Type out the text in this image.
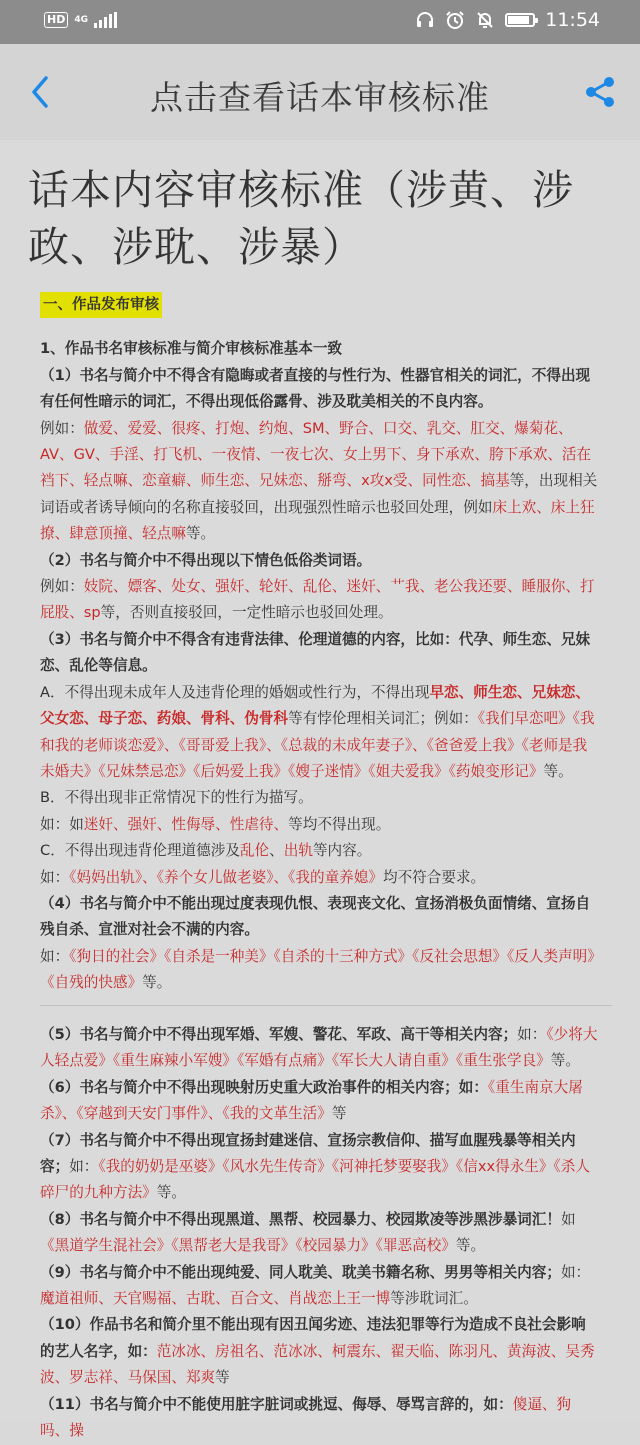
HD	4G	11:54
点击查看话本审核标准
话本内容审核标准（涉黄、涉政、涉耽、涉暴）
一、作品发布审核

1、作品书名审核标准与简介审核标准基本一致

（1）书名与简介中不得含有隐晦或者直接的与性行为、性器官相关的词汇，不得出现有任何性暗示的词汇，不得出现低俗露骨、涉及耽美相关的不良内容。

例如：做爱、爱爱、很疼、打炮、约炮、SM、野合、口交、乳交、肛交、爆菊花、AV、GV、手淫、打飞机、一夜情、一夜七次、女上男下、身下承欢、胯下承欢、活在裆下、轻点嘛、恋童癖、师生恋、兄妹恋、掰弯、x攻x受、同性恋、搞基等，出现相关词语或者诱导倾向的名称直接驳回，出现强烈性暗示也驳回处理，例如床上欢、床上狂撩、肆意顶撞、轻点嘛等。

（2）书名与简介中不得出现以下情色低俗类词语。

例如：妓院、嫖客、处女、强奸、轮奸、乱伦、迷奸、艹我、老公我还要、睡服你、打屁股、sp等，否则直接驳回，一定性暗示也驳回处理。

（3）书名与简介中不得含有违背法律、伦理道德的内容，比如：代孕、师生恋、兄妹恋、乱伦等信息。

A．不得出现未成年人及违背伦理的婚姻或性行为，不得出现早恋、师生恋、兄妹恋、父女恋、母子恋、药娘、骨科、伪骨科等有悖伦理相关词汇；例如：《我们早恋吧》《我和我的老师谈恋爱》、《哥哥爱上我》、《总裁的未成年妻子》、《爸爸爱上我》《老师是我未婚夫》《兄妹禁忌恋》《后妈爱上我》《嫂子迷情》《姐夫爱我》《药娘变形记》等。

B．不得出现非正常情况下的性行为描写。

如：如迷奸、强奸、性侮辱、性虐待、等均不得出现。

C．不得出现违背伦理道德涉及乱伦、出轨等内容。

如：《妈妈出轨》、《养个女儿做老婆》、《我的童养媳》均不符合要求。

（4）书名与简介中不能出现过度表现仇恨、表现丧文化、宣扬消极负面情绪、宣扬自残自杀、宣泄对社会不满的内容。

如：《狗日的社会》《自杀是一种美》《自杀的十三种方式》《反社会思想》《反人类声明》《自残的快感》等。

（5）书名与简介中不得出现军婚、军嫂、警花、军政、高干等相关内容；如：《少将大人轻点爱》《重生麻辣小军嫂》《军婚有点痛》《军长大人请自重》《重生张学良》等。

（6）书名与简介中不得出现映射历史重大政治事件的相关内容；如：《重生南京大屠杀》、《穿越到天安门事件》、《我的文革生活》等

（7）书名与简介中不得出现宣扬封建迷信、宣扬宗教信仰、描写血腥残暴等相关内容；如：《我的奶奶是巫婆》《风水先生传奇》《河神托梦要娶我》《信xx得永生》《杀人碎尸的九种方法》等。

（8）书名与简介中不得出现黑道、黑帮、校园暴力、校园欺凌等涉黑涉暴词汇！如《黑道学生混社会》《黑帮老大是我哥》《校园暴力》《罪恶高校》等。

（9）书名与简介中不能出现纯爱、同人耽美、耽美书籍名称、男男等相关内容；如：魔道祖师、天官赐福、古耽、百合文、肖战恋上王一博等涉耽词汇。

（10）作品书名和简介里不能出现有因丑闻劣迹、违法犯罪等行为造成不良社会影响的艺人名字，如：范冰冰、房祖名、范冰冰、柯震东、翟天临、陈羽凡、黄海波、吴秀波、罗志祥、马保国、郑爽等

（11）书名与简介中不能使用脏字脏词或挑逗、侮辱、辱骂言辞的，如：傻逼、狗吗、操
